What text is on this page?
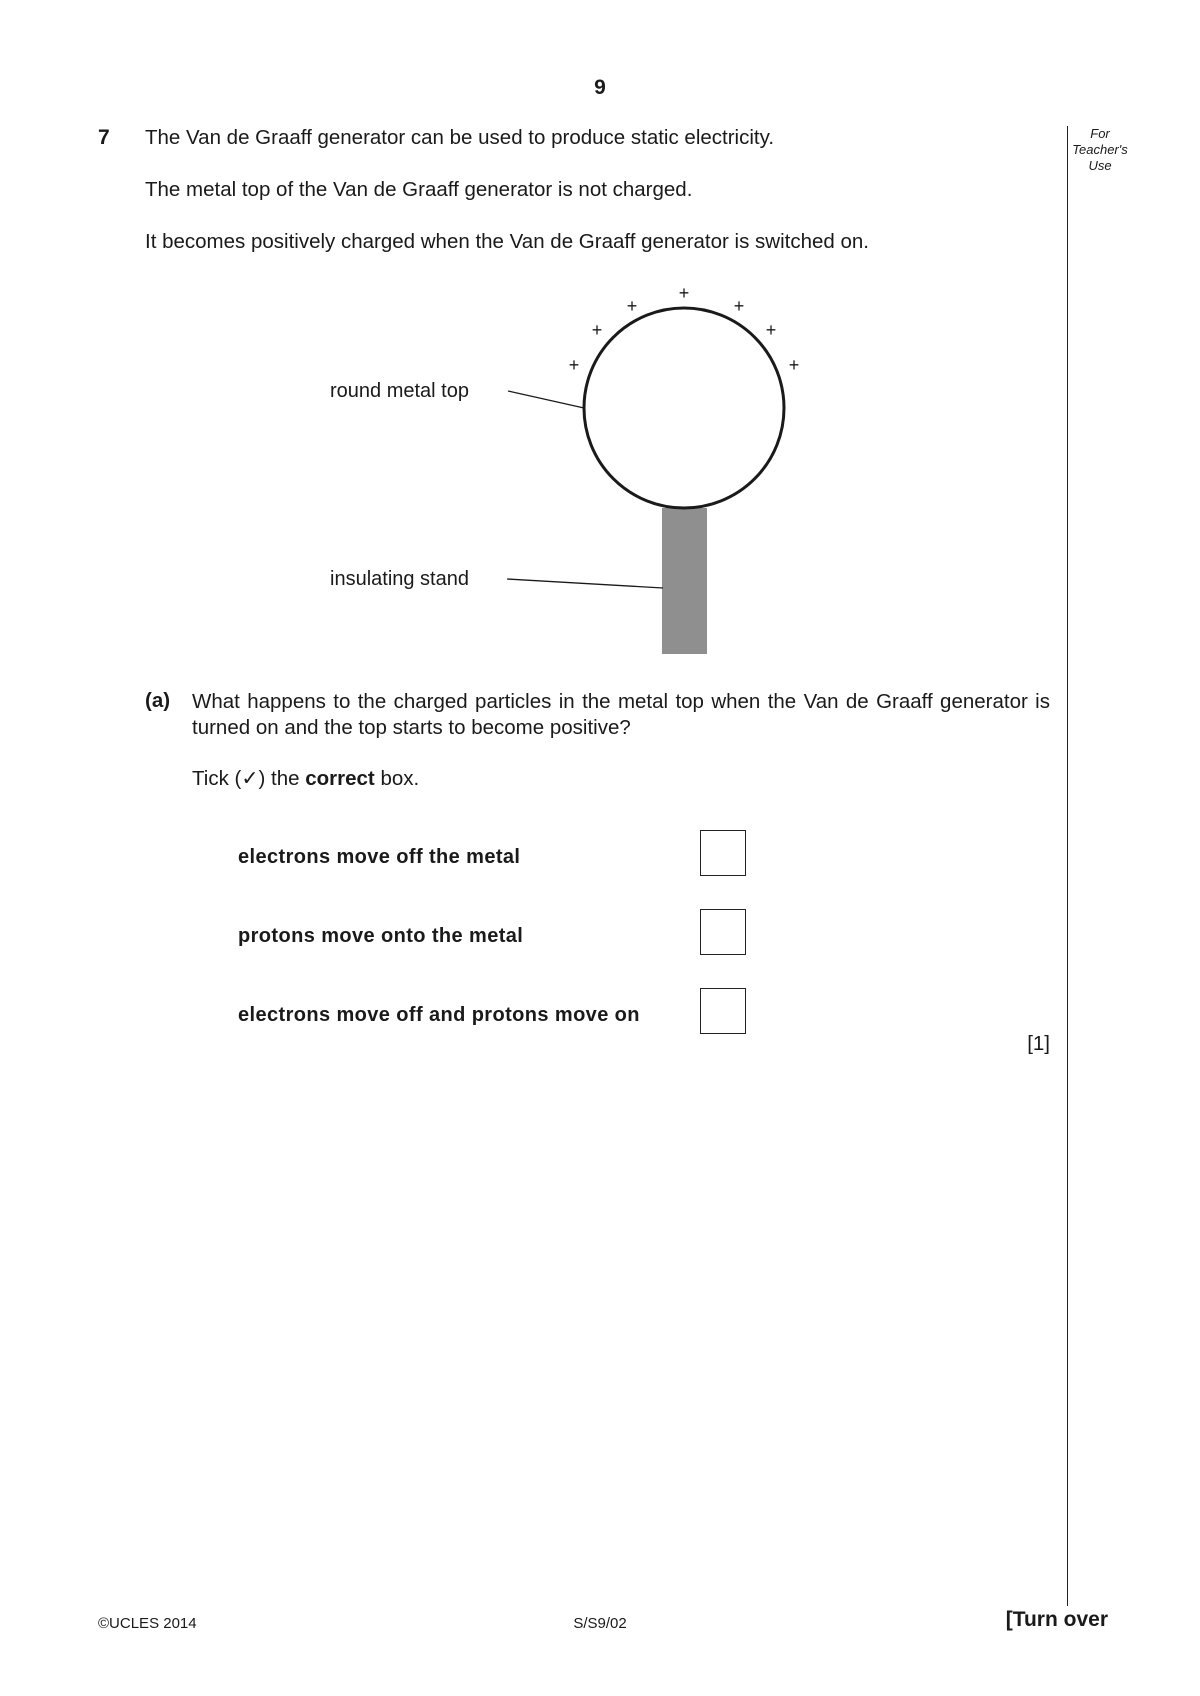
9
7 The Van de Graaff generator can be used to produce static electricity.
The metal top of the Van de Graaff generator is not charged.
It becomes positively charged when the Van de Graaff generator is switched on.
For
Teacher's
Use
+
+
+
+
+
+
+
round metal top
insulating stand
(a) What happens to the charged particles in the metal top when the Van de Graaff generator is turned on and the top starts to become positive?
Tick (✓) the correct box.
electrons move off the metal
protons move onto the metal
electrons move off and protons move on
[1]
©UCLES 2014	S/S9/02	[Turn over
